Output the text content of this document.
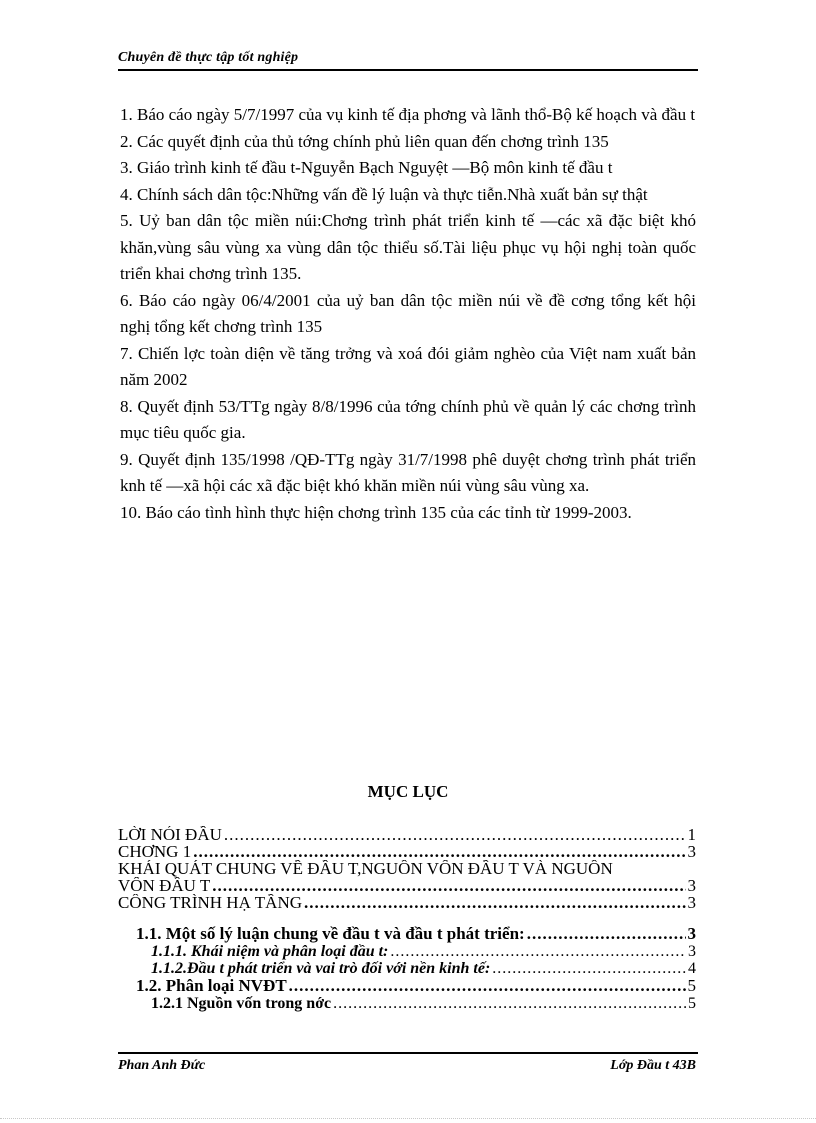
Chuyên đề thực tập tốt nghiệp

1. Báo cáo ngày 5/7/1997 của vụ kinh tế địa phơng và lãnh thổ-Bộ kế hoạch và đầu t

2. Các quyết định của thủ tớng chính phủ liên quan đến chơng trình 135

3. Giáo trình kinh tế đầu t-Nguyễn Bạch Nguyệt —Bộ môn kinh tế đầu t

4. Chính sách dân tộc:Những vấn đề lý luận và thực tiễn.Nhà xuất bản sự thật

5. Uỷ ban dân tộc miền núi:Chơng trình phát triển kinh tế —các xã đặc biệt khó khăn,vùng sâu vùng xa vùng dân tộc thiểu số.Tài liệu phục vụ hội nghị toàn quốc triển khai chơng trình 135.

6. Báo cáo ngày 06/4/2001 của uỷ ban dân tộc miền núi về đề cơng tổng kết hội nghị tổng kết chơng trình 135

7. Chiến lợc toàn diện về tăng trởng và xoá đói giảm nghèo của Việt nam xuất bản năm 2002

8. Quyết định 53/TTg ngày 8/8/1996 của tớng chính phủ về quản lý các chơng trình mục tiêu quốc gia.

9. Quyết định 135/1998 /QĐ-TTg ngày 31/7/1998 phê duyệt chơng trình phát triển knh tế —xã hội các xã đặc biệt khó khăn miền núi vùng sâu vùng xa.

10. Báo cáo tình hình thực hiện chơng trình 135 của các tỉnh từ 1999-2003.

MỤC LỤC
LỜI NÓI ĐẦU .....	1
CHƠNG 1 .....	3
KHÁI QUÁT CHUNG VỀ ĐẦU T,NGUỒN VỐN ĐẦU T VÀ NGUỒN
VỐN ĐẦU T .....	3
CÔNG TRÌNH HẠ TẦNG .....	3
1.1. Một số lý luận chung về đầu t và đầu t phát triển: .....	3
1.1.1. Khái niệm và phân loại đầu t: .....	3
1.1.2.Đầu t phát triển và vai trò đối với nền kinh tế: .....	4
1.2. Phân loại NVĐT .....	5
1.2.1 Nguồn vốn trong nớc .....	5
Phan Anh Đức	Lớp Đầu t 43B
